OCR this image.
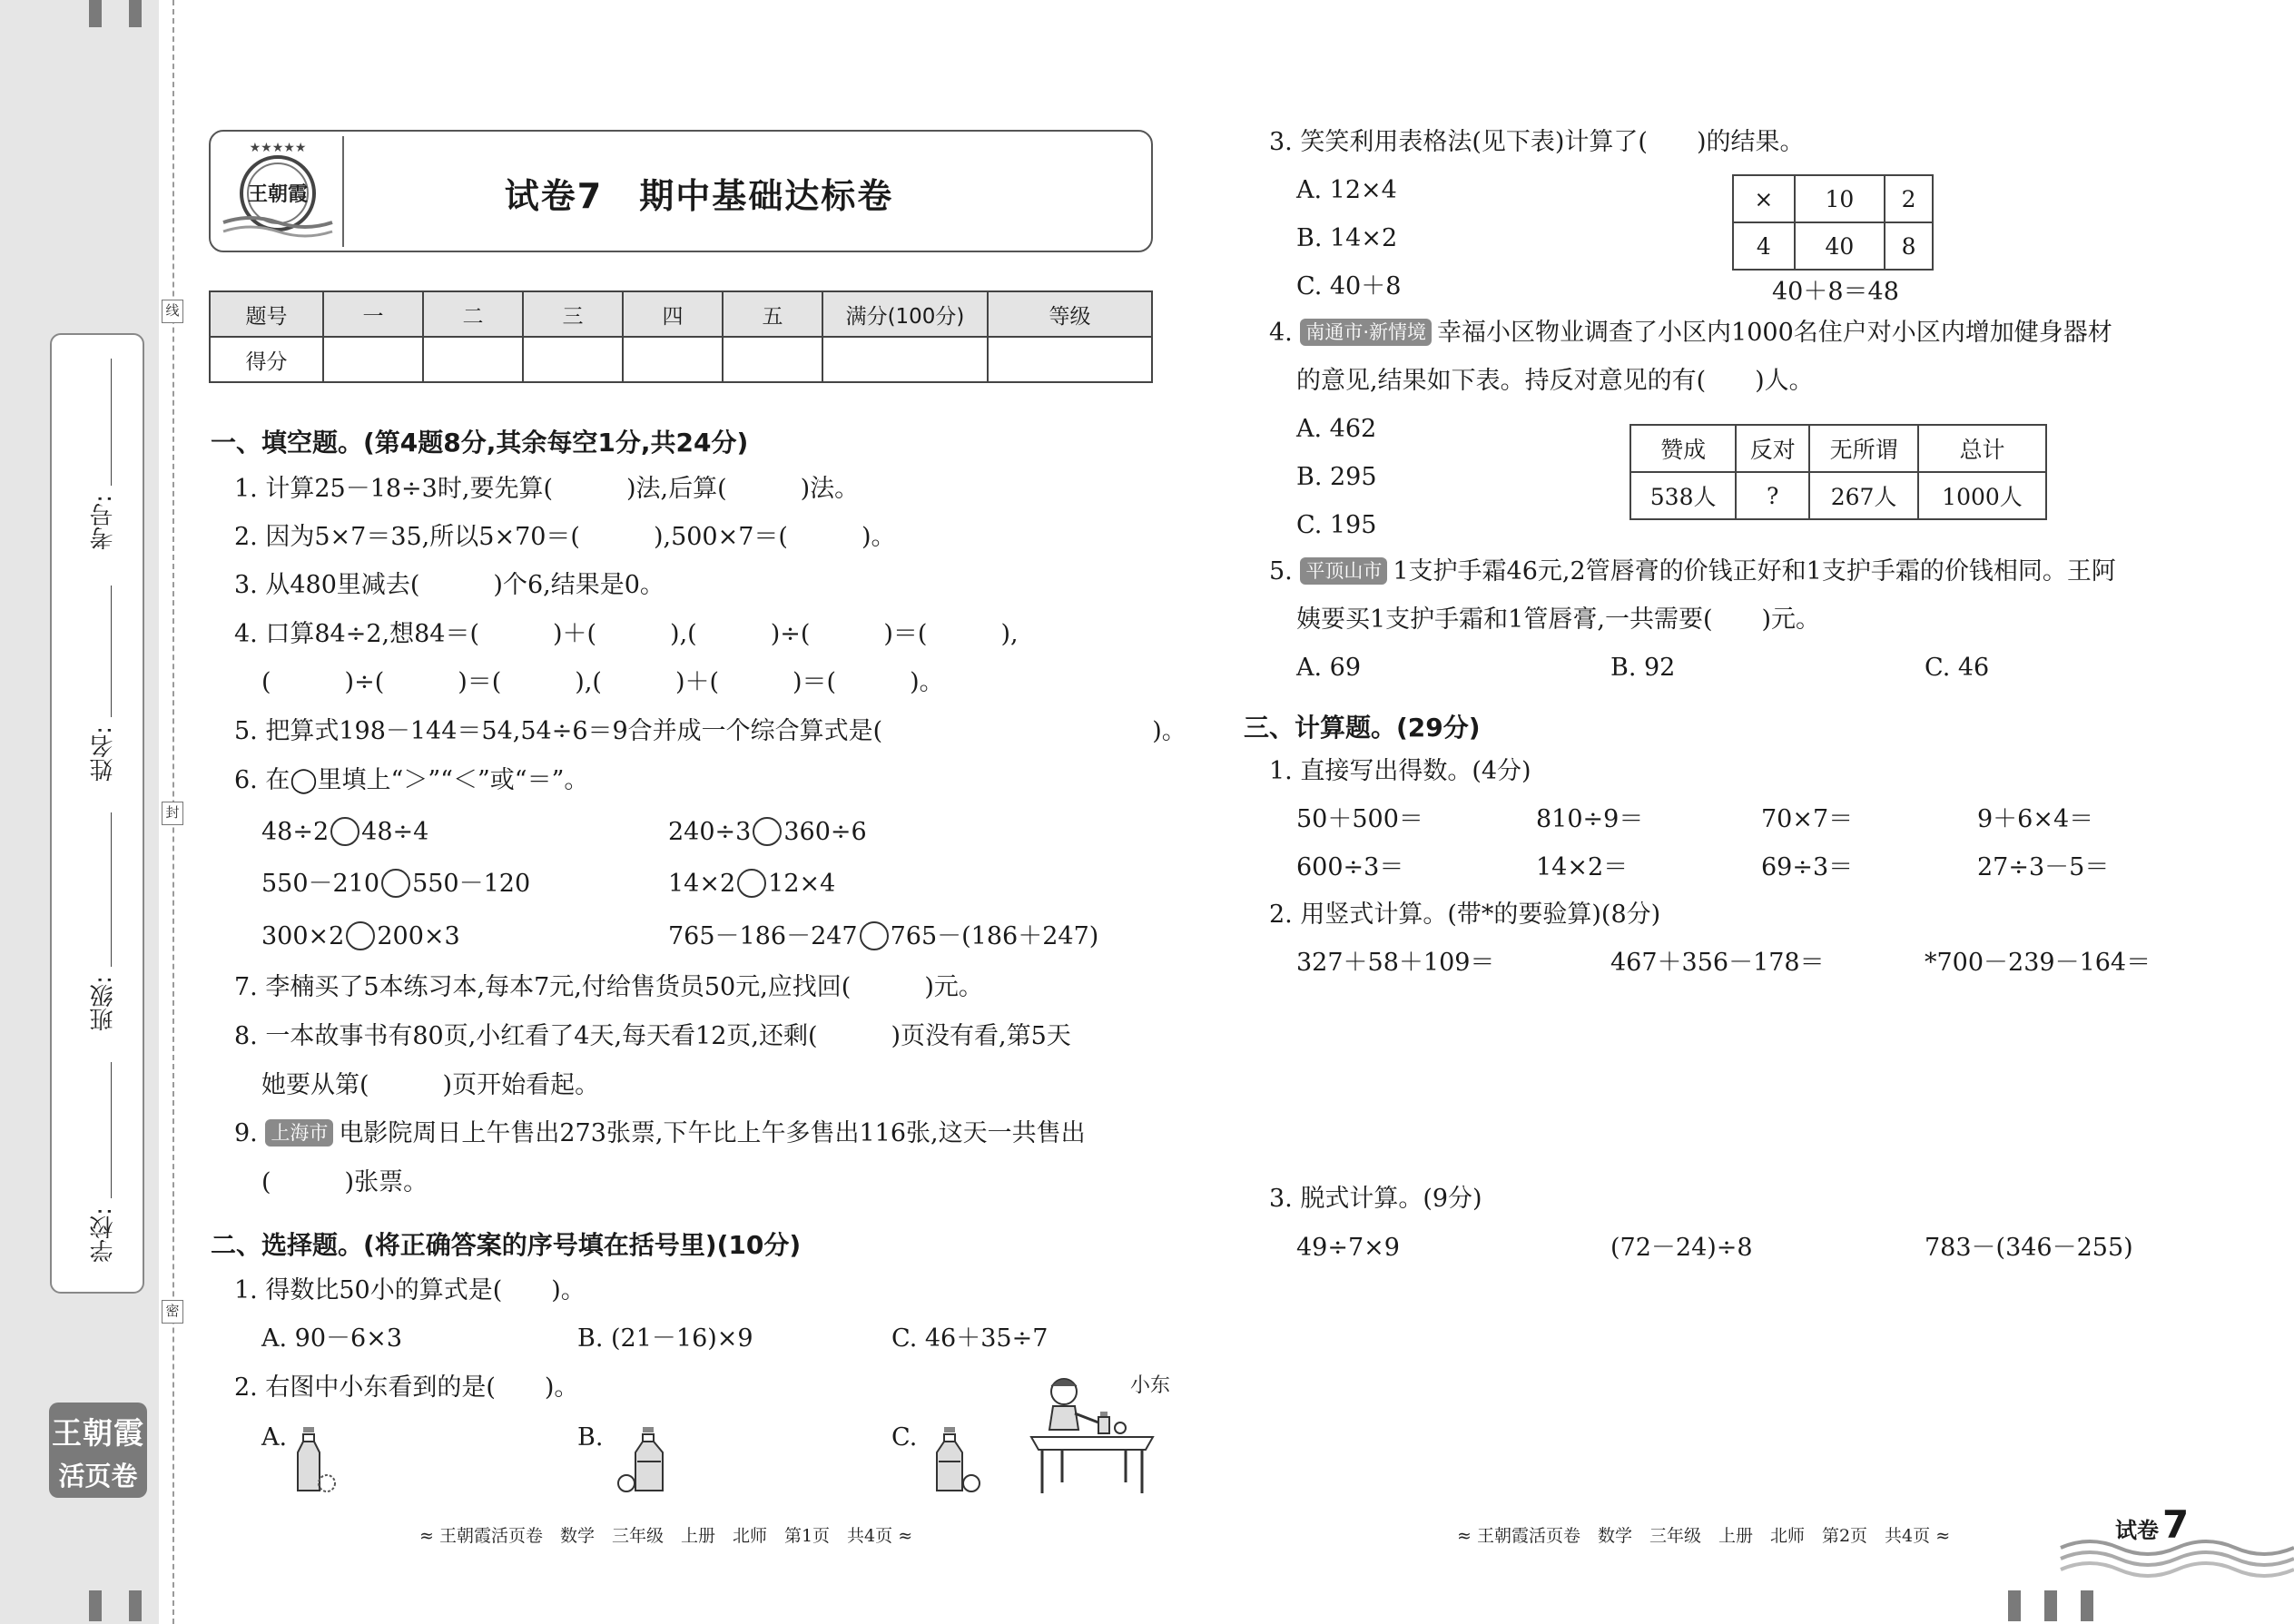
线
封
密
考号:
姓名:
班级:
学校:
王朝霞
活页卷
★★★★★
王朝霞	试卷7　期中基础达标卷
题号	一	二	三	四	五	满分(100分)	等级
得分							
一、填空题。(第4题8分,其余每空1分,共24分)
1. 计算25－18÷3时,要先算(　　　)法,后算(　　　)法。
2. 因为5×7＝35,所以5×70＝(　　　),500×7＝(　　　)。
3. 从480里减去(　　　)个6,结果是0。
4. 口算84÷2,想84＝(　　　)＋(　　　),(　　　)÷(　　　)＝(　　　),
(　　　)÷(　　　)＝(　　　),(　　　)＋(　　　)＝(　　　)。
5. 把算式198－144＝54,54÷6＝9合并成一个综合算式是(　　　　　　　　　　　)。
6. 在◯里填上“＞”“＜”或“＝”。
48÷2 48÷4	240÷3 360÷6
550－210 550－120	14×2 12×4
300×2 200×3	765－186－247 765－(186＋247)
7. 李楠买了5本练习本,每本7元,付给售货员50元,应找回(　　　)元。
8. 一本故事书有80页,小红看了4天,每天看12页,还剩(　　　)页没有看,第5天
她要从第(　　　)页开始看起。
9. 上海市 电影院周日上午售出273张票,下午比上午多售出116张,这天一共售出
(　　　)张票。
二、选择题。(将正确答案的序号填在括号里)(10分)
1. 得数比50小的算式是(　　)。
A. 90－6×3	B. (21－16)×9	C. 46＋35÷7
2. 右图中小东看到的是(　　)。
A.	B.	C.
小东
≈ 王朝霞活页卷　数学　三年级　上册　北师　第1页　共4页 ≈
3. 笑笑利用表格法(见下表)计算了(　　)的结果。
A. 12×4
B. 14×2
C. 40＋8
×	10	2
4	40	8
40＋8＝48
4. 南通市·新情境 幸福小区物业调查了小区内1000名住户对小区内增加健身器材
的意见,结果如下表。持反对意见的有(　　)人。
A. 462
B. 295
C. 195
赞成	反对	无所谓	总计
538人	?	267人	1000人
5. 平顶山市 1支护手霜46元,2管唇膏的价钱正好和1支护手霜的价钱相同。王阿
姨要买1支护手霜和1管唇膏,一共需要(　　)元。
A. 69	B. 92	C. 46
三、计算题。(29分)
1. 直接写出得数。(4分)
50＋500＝	810÷9＝	70×7＝	9＋6×4＝
600÷3＝	14×2＝	69÷3＝	27÷3－5＝
2. 用竖式计算。(带*的要验算)(8分)
327＋58＋109＝	467＋356－178＝	*700－239－164＝
3. 脱式计算。(9分)
49÷7×9	(72－24)÷8	783－(346－255)
≈ 王朝霞活页卷　数学　三年级　上册　北师　第2页　共4页 ≈	试卷7
